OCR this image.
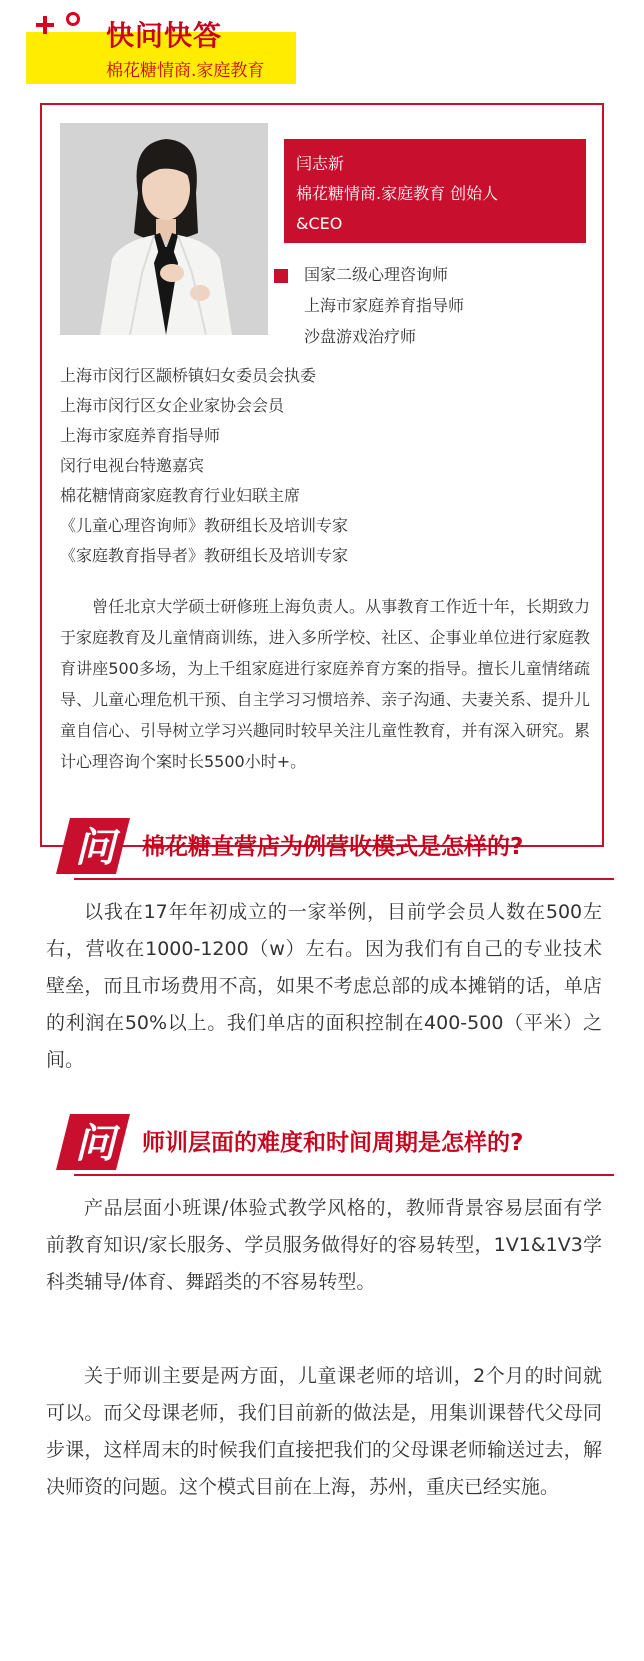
快问快答
棉花糖情商.家庭教育
闫志新
棉花糖情商.家庭教育 创始人
&CEO
国家二级心理咨询师
上海市家庭养育指导师
沙盘游戏治疗师
上海市闵行区颛桥镇妇女委员会执委
上海市闵行区女企业家协会会员
上海市家庭养育指导师
闵行电视台特邀嘉宾
棉花糖情商家庭教育行业妇联主席
《儿童心理咨询师》教研组长及培训专家
《家庭教育指导者》教研组长及培训专家

曾任北京大学硕士研修班上海负责人。从事教育工作近十年，长期致力于家庭教育及儿童情商训练，进入多所学校、社区、企事业单位进行家庭教育讲座500多场，为上千组家庭进行家庭养育方案的指导。擅长儿童情绪疏导、儿童心理危机干预、自主学习习惯培养、亲子沟通、夫妻关系、提升儿童自信心、引导树立学习兴趣同时较早关注儿童性教育，并有深入研究。累计心理咨询个案时长5500小时+。

问	棉花糖直营店为例营收模式是怎样的?

以我在17年年初成立的一家举例，目前学会员人数在500左右，营收在1000-1200（w）左右。因为我们有自己的专业技术壁垒，而且市场费用不高，如果不考虑总部的成本摊销的话，单店的利润在50%以上。我们单店的面积控制在400-500（平米）之间。

问	师训层面的难度和时间周期是怎样的?

产品层面小班课/体验式教学风格的，教师背景容易层面有学前教育知识/家长服务、学员服务做得好的容易转型，1V1&1V3学科类辅导/体育、舞蹈类的不容易转型。

关于师训主要是两方面，儿童课老师的培训，2个月的时间就可以。而父母课老师，我们目前新的做法是，用集训课替代父母同步课，这样周末的时候我们直接把我们的父母课老师输送过去，解决师资的问题。这个模式目前在上海，苏州，重庆已经实施。
